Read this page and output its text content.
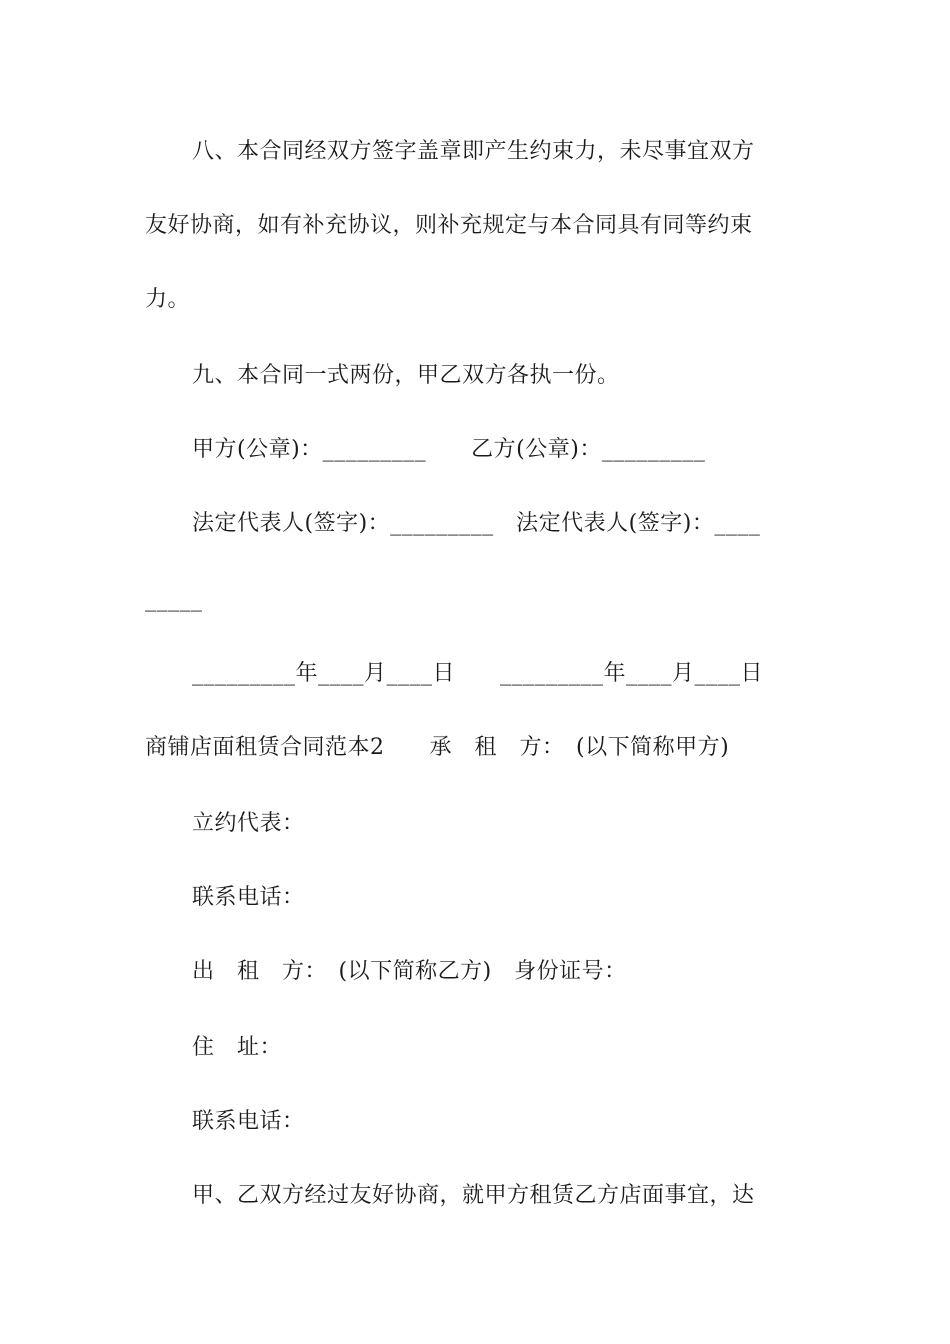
八、本合同经双方签字盖章即产生约束力，未尽事宜双方
友好协商，如有补充协议，则补充规定与本合同具有同等约束
力。
九、本合同一式两份，甲乙双方各执一份。
甲方(公章)：_________　　乙方(公章)：_________
法定代表人(签字)：_________　法定代表人(签字)：____
_____
_________年____月____日　　_________年____月____日
商铺店面租赁合同范本2　　承　租　方：　(以下简称甲方)
立约代表：
联系电话：
出　租　方：　(以下简称乙方)　身份证号：
住　址：
联系电话：
甲、乙双方经过友好协商，就甲方租赁乙方店面事宜，达
